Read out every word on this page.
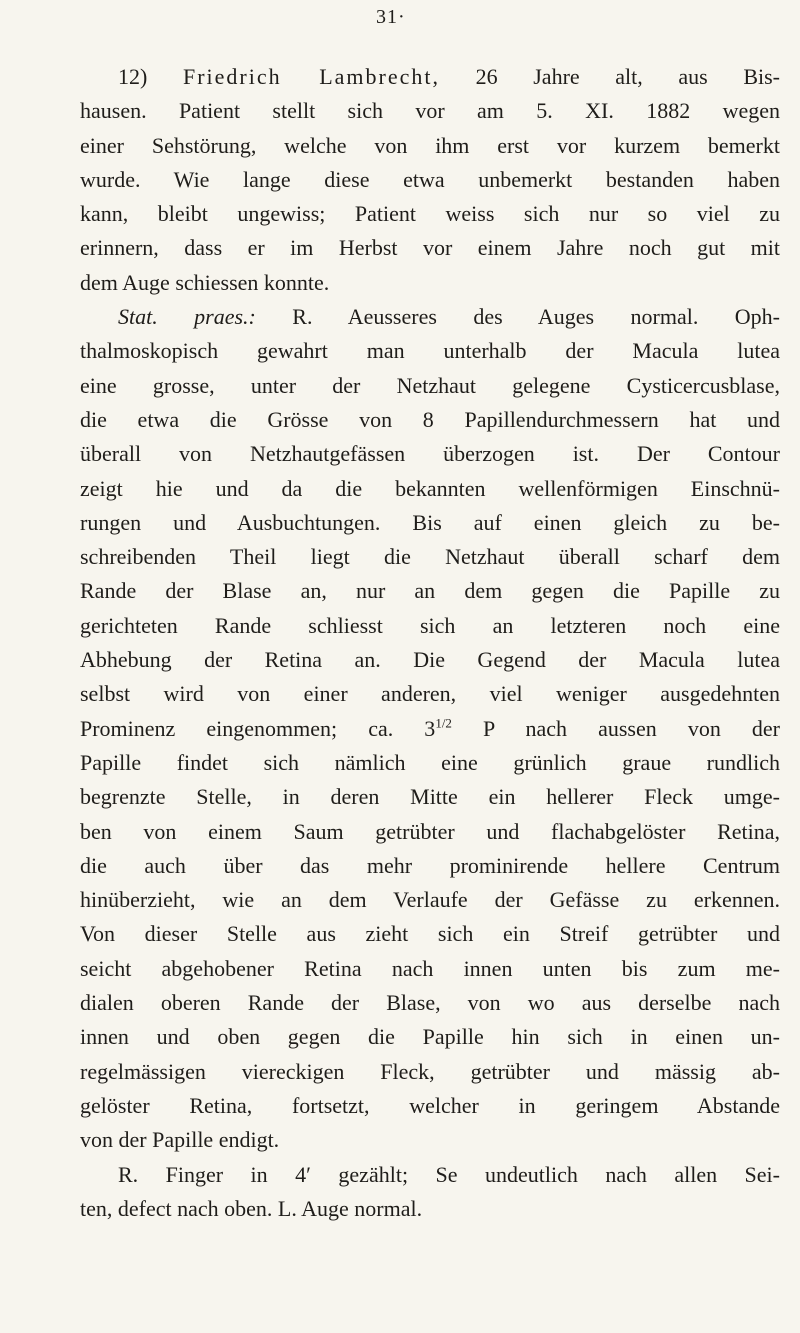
31·
12) Friedrich Lambrecht, 26 Jahre alt, aus Bis-
hausen. Patient stellt sich vor am 5. XI. 1882 wegen
einer Sehstörung, welche von ihm erst vor kurzem bemerkt
wurde. Wie lange diese etwa unbemerkt bestanden haben
kann, bleibt ungewiss; Patient weiss sich nur so viel zu
erinnern, dass er im Herbst vor einem Jahre noch gut mit
dem Auge schiessen konnte.
Stat. praes.: R. Aeusseres des Auges normal. Oph-
thalmoskopisch gewahrt man unterhalb der Macula lutea
eine grosse, unter der Netzhaut gelegene Cysticercusblase,
die etwa die Grösse von 8 Papillendurchmessern hat und
überall von Netzhautgefässen überzogen ist. Der Contour
zeigt hie und da die bekannten wellenförmigen Einschnü-
rungen und Ausbuchtungen. Bis auf einen gleich zu be-
schreibenden Theil liegt die Netzhaut überall scharf dem
Rande der Blase an, nur an dem gegen die Papille zu
gerichteten Rande schliesst sich an letzteren noch eine
Abhebung der Retina an. Die Gegend der Macula lutea
selbst wird von einer anderen, viel weniger ausgedehnten
Prominenz eingenommen; ca. $3^{1/2}$ P nach aussen von der
Papille findet sich nämlich eine grünlich graue rundlich
begrenzte Stelle, in deren Mitte ein hellerer Fleck umge-
ben von einem Saum getrübter und flachabgelöster Retina,
die auch über das mehr prominirende hellere Centrum
hinüberzieht, wie an dem Verlaufe der Gefässe zu erkennen.
Von dieser Stelle aus zieht sich ein Streif getrübter und
seicht abgehobener Retina nach innen unten bis zum me-
dialen oberen Rande der Blase, von wo aus derselbe nach
innen und oben gegen die Papille hin sich in einen un-
regelmässigen viereckigen Fleck, getrübter und mässig ab-
gelöster Retina, fortsetzt, welcher in geringem Abstande
von der Papille endigt.
R. Finger in 4′ gezählt; Se undeutlich nach allen Sei-
ten, defect nach oben. L. Auge normal.
